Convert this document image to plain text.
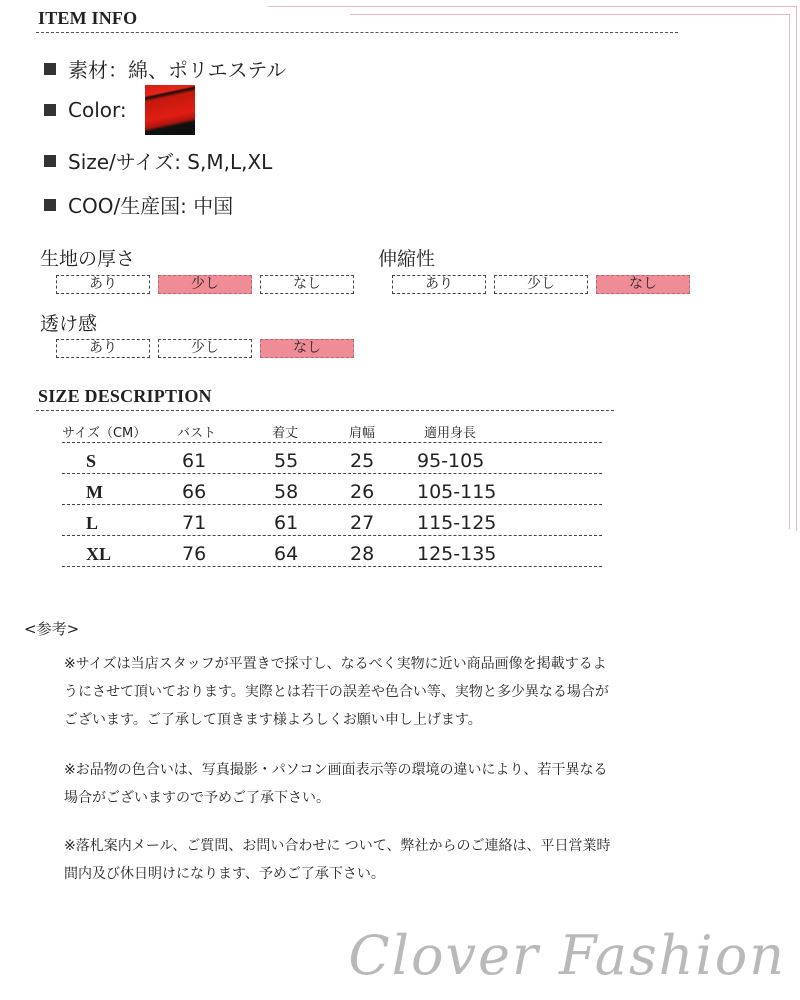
ITEM INFO
素材：綿、ポリエステル
Color:
Size/サイズ: S,M,L,XL
COO/生産国: 中国
生地の厚さ
あり	少し	なし
伸縮性
あり	少し	なし
透け感
あり	少し	なし
SIZE DESCRIPTION
サイズ（CM） バスト	着丈	肩幅	適用身長
S	61	55	25 95-105
M	66	58	26 105-115
L	71	61	27 115-125
XL	76	64	28 125-135
<参考>
※サイズは当店スタッフが平置きで採寸し、なるべく実物に近い商品画像を掲載するよ
うにさせて頂いております。実際とは若干の誤差や色合い等、実物と多少異なる場合が
ございます。ご了承して頂きます様よろしくお願い申し上げます。
※お品物の色合いは、写真撮影・パソコン画面表示等の環境の違いにより、若干異なる
場合がございますので予めご了承下さい。
※落札案内メール、ご質問、お問い合わせに ついて、弊社からのご連絡は、平日営業時
間内及び休日明けになります、予めご了承下さい。
Clover Fashion
